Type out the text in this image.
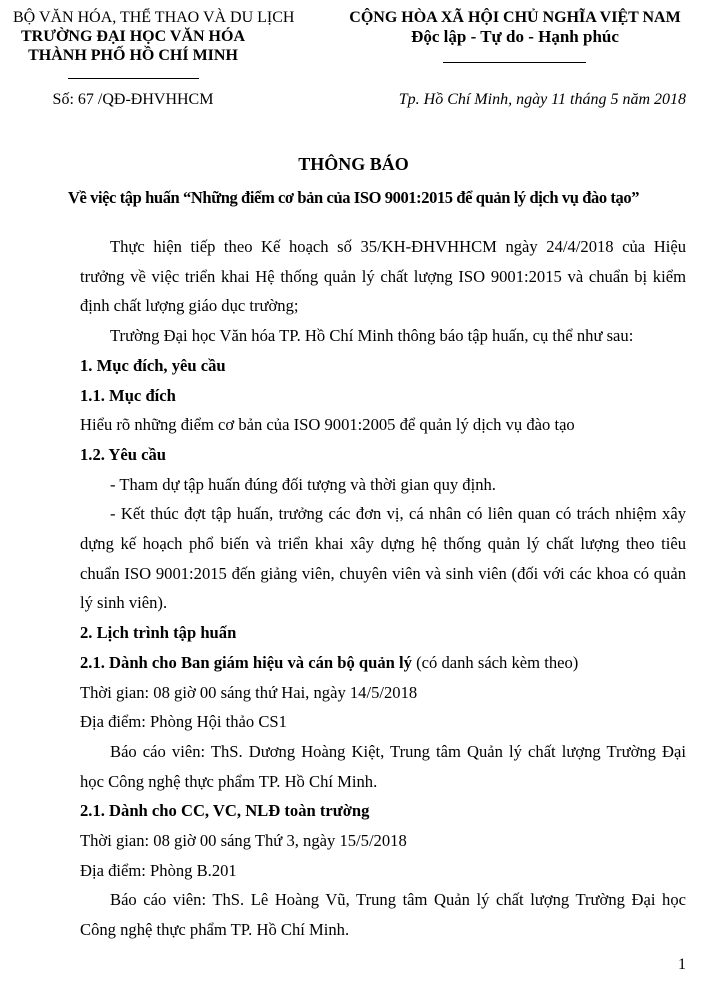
BỘ VĂN HÓA, THỂ THAO VÀ DU LỊCH
TRƯỜNG ĐẠI HỌC VĂN HÓA
THÀNH PHỐ HỒ CHÍ MINH
CỘNG HÒA XÃ HỘI CHỦ NGHĨA VIỆT NAM
Độc lập - Tự do - Hạnh phúc
Số: 67 /QĐ-ĐHVHHCM	Tp. Hồ Chí Minh, ngày 11 tháng 5 năm 2018
THÔNG BÁO
Về việc tập huấn “Những điểm cơ bản của ISO 9001:2015 để quản lý dịch vụ đào tạo”

Thực hiện tiếp theo Kế hoạch số 35/KH-ĐHVHHCM ngày 24/4/2018 của Hiệu trưởng về việc triển khai Hệ thống quản lý chất lượng ISO 9001:2015 và chuẩn bị kiểm định chất lượng giáo dục trường;

Trường Đại học Văn hóa TP. Hồ Chí Minh thông báo tập huấn, cụ thể như sau:

1. Mục đích, yêu cầu

1.1. Mục đích

Hiểu rõ những điểm cơ bản của ISO 9001:2005 để quản lý dịch vụ đào tạo

1.2. Yêu cầu

- Tham dự tập huấn đúng đối tượng và thời gian quy định.

- Kết thúc đợt tập huấn, trưởng các đơn vị, cá nhân có liên quan có trách nhiệm xây dựng kế hoạch phổ biến và triển khai xây dựng hệ thống quản lý chất lượng theo tiêu chuẩn ISO 9001:2015 đến giảng viên, chuyên viên và sinh viên (đối với các khoa có quản lý sinh viên).

2. Lịch trình tập huấn

2.1. Dành cho Ban giám hiệu và cán bộ quản lý (có danh sách kèm theo)

Thời gian: 08 giờ 00 sáng thứ Hai, ngày 14/5/2018

Địa điểm: Phòng Hội thảo CS1

Báo cáo viên: ThS. Dương Hoàng Kiệt, Trung tâm Quản lý chất lượng Trường Đại học Công nghệ thực phẩm TP. Hồ Chí Minh.

2.1. Dành cho CC, VC, NLĐ toàn trường

Thời gian: 08 giờ 00 sáng Thứ 3, ngày 15/5/2018

Địa điểm: Phòng B.201

Báo cáo viên: ThS. Lê Hoàng Vũ, Trung tâm Quản lý chất lượng Trường Đại học Công nghệ thực phẩm TP. Hồ Chí Minh.

1
